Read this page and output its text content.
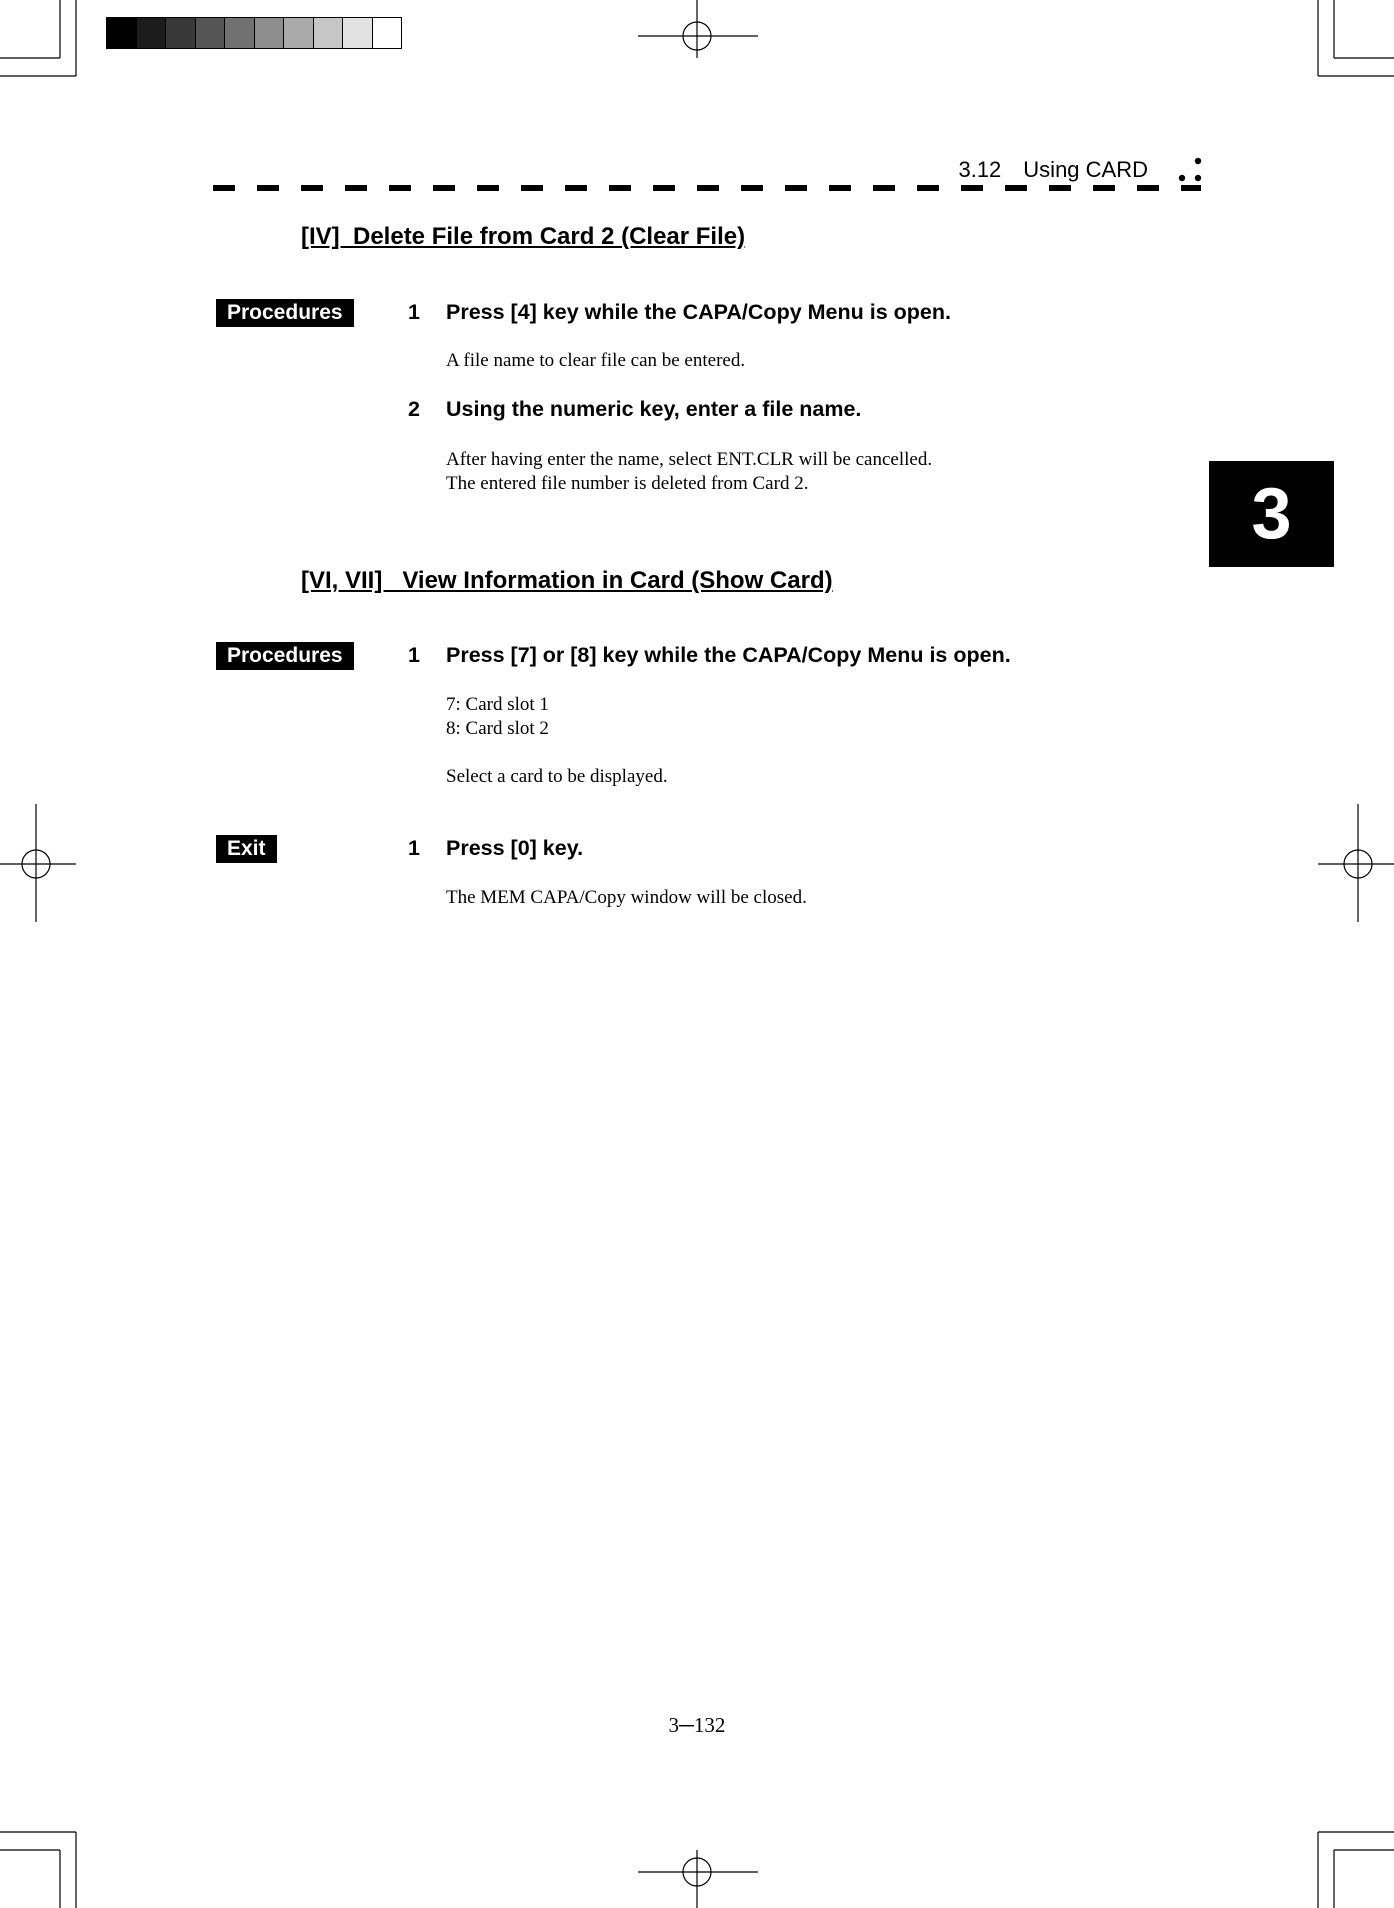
3.12 Using CARD
3
[IV]  Delete File from Card 2 (Clear File)
Procedures	1 Press [4] key while the CAPA/Copy Menu is open.
A file name to clear file can be entered.
2 Using the numeric key, enter a file name.
After having enter the name, select ENT.CLR will be cancelled.
The entered file number is deleted from Card 2.
[VI, VII]   View Information in Card (Show Card)
Procedures	1 Press [7] or [8] key while the CAPA/Copy Menu is open.
7: Card slot 1
8: Card slot 2
Select a card to be displayed.
Exit	1 Press [0] key.
The MEM CAPA/Copy window will be closed.
3─132
